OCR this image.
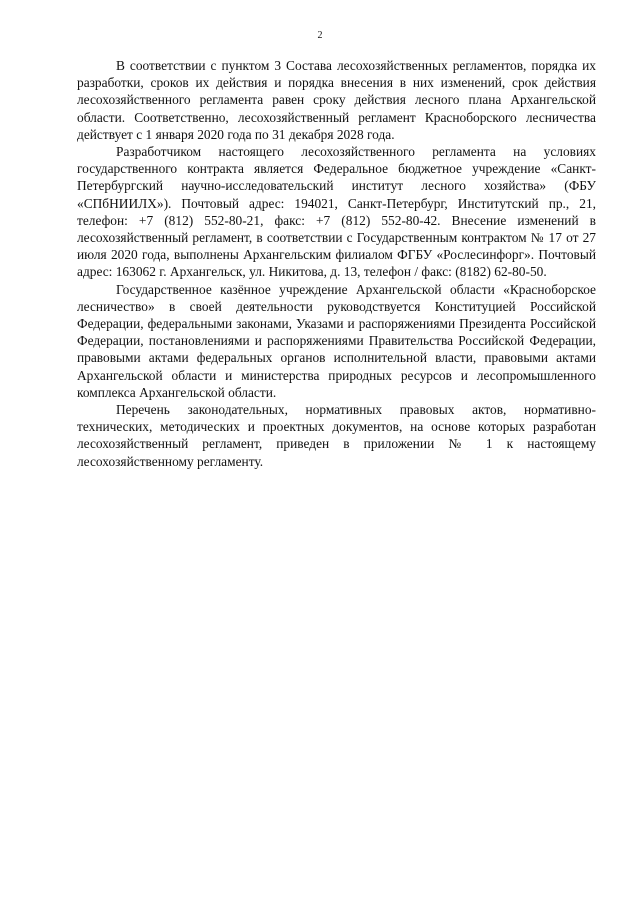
2

В соответствии с пунктом 3 Состава лесохозяйственных регламентов, порядка их разработки, сроков их действия и порядка внесения в них изменений, срок действия лесохозяйственного регламента равен сроку действия лесного плана Архангельской области. Соответственно, лесохозяйственный регламент Красноборского лесничества действует с 1 января 2020 года по 31 декабря 2028 года.

Разработчиком настоящего лесохозяйственного регламента на условиях государственного контракта является Федеральное бюджетное учреждение «Санкт-Петербургский научно-исследовательский институт лесного хозяйства» (ФБУ «СПбНИИЛХ»). Почтовый адрес: 194021, Санкт-Петербург, Институтский пр., 21, телефон: +7 (812) 552-80-21, факс: +7 (812) 552-80-42. Внесение изменений в лесохозяйственный регламент, в соответствии с Государственным контрактом № 17 от 27 июля 2020 года, выполнены Архангельским филиалом ФГБУ «Рослесинфорг». Почтовый адрес: 163062 г. Архангельск, ул. Никитова, д. 13, телефон / факс: (8182) 62-80-50.

Государственное казённое учреждение Архангельской области «Красноборское лесничество» в своей деятельности руководствуется Конституцией Российской Федерации, федеральными законами, Указами и распоряжениями Президента Российской Федерации, постановлениями и распоряжениями Правительства Российской Федерации, правовыми актами федеральных органов исполнительной власти, правовыми актами Архангельской области и министерства природных ресурсов и лесопромышленного комплекса Архангельской области.

Перечень законодательных, нормативных правовых актов, нормативно-технических, методических и проектных документов, на основе которых разработан лесохозяйственный регламент, приведен в приложении № 1 к настоящему лесохозяйственному регламенту.
